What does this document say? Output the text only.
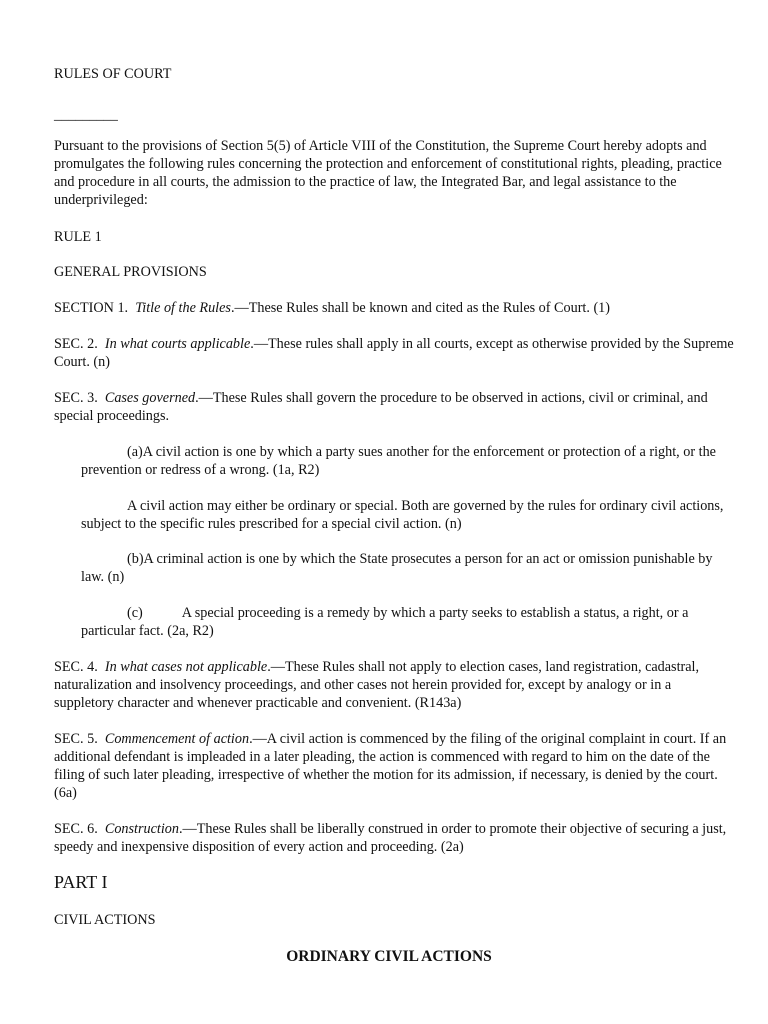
RULES OF COURT

_________

Pursuant to the provisions of Section 5(5) of Article VIII of the Constitution, the Supreme Court hereby adopts and promulgates the following rules concerning the protection and enforcement of constitutional rights, pleading, practice and procedure in all courts, the admission to the practice of law, the Integrated Bar, and legal assistance to the underprivileged:

RULE 1

GENERAL PROVISIONS

SECTION 1. Title of the Rules.—These Rules shall be known and cited as the Rules of Court. (1)

SEC. 2. In what courts applicable.—These rules shall apply in all courts, except as otherwise provided by the Supreme Court. (n)

SEC. 3. Cases governed.—These Rules shall govern the procedure to be observed in actions, civil or criminal, and special proceedings.

(a)A civil action is one by which a party sues another for the enforcement or protection of a right, or the prevention or redress of a wrong. (1a, R2)

A civil action may either be ordinary or special. Both are governed by the rules for ordinary civil actions, subject to the specific rules prescribed for a special civil action. (n)

(b)A criminal action is one by which the State prosecutes a person for an act or omission punishable by law. (n)

(c)	A special proceeding is a remedy by which a party seeks to establish a status, a right, or a particular fact. (2a, R2)

SEC. 4. In what cases not applicable.—These Rules shall not apply to election cases, land registration, cadastral, naturalization and insolvency proceedings, and other cases not herein provided for, except by analogy or in a suppletory character and whenever practicable and convenient. (R143a)

SEC. 5. Commencement of action.—A civil action is commenced by the filing of the original complaint in court. If an additional defendant is impleaded in a later pleading, the action is commenced with regard to him on the date of the filing of such later pleading, irrespective of whether the motion for its admission, if necessary, is denied by the court. (6a)

SEC. 6. Construction.—These Rules shall be liberally construed in order to promote their objective of securing a just, speedy and inexpensive disposition of every action and proceeding. (2a)

PART I

CIVIL ACTIONS

ORDINARY CIVIL ACTIONS
